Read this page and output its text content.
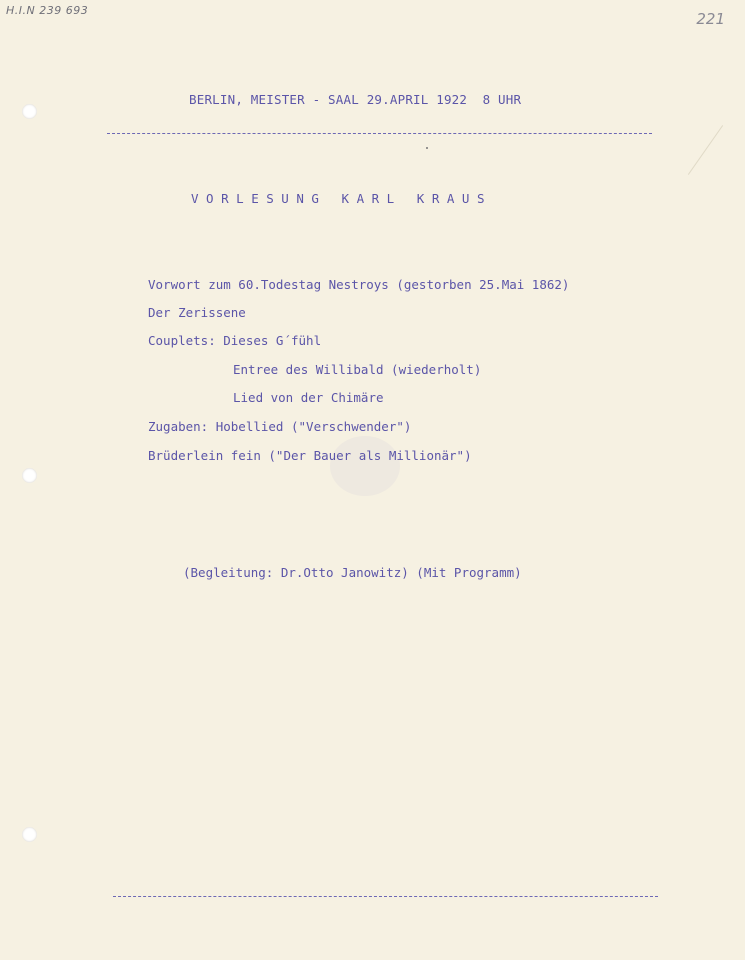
H.I.N 239 693	221
BERLIN, MEISTER - SAAL 29.APRIL 1922  8 UHR
V O R L E S U N G   K A R L   K R A U S
Vorwort zum 60.Todestag Nestroys (gestorben 25.Mai 1862)
Der Zerissene
Couplets: Dieses G´fühl
Entree des Willibald (wiederholt)
Lied von der Chimäre
Zugaben: Hobellied ("Verschwender")
Brüderlein fein ("Der Bauer als Millionär")
(Begleitung: Dr.Otto Janowitz) (Mit Programm)
